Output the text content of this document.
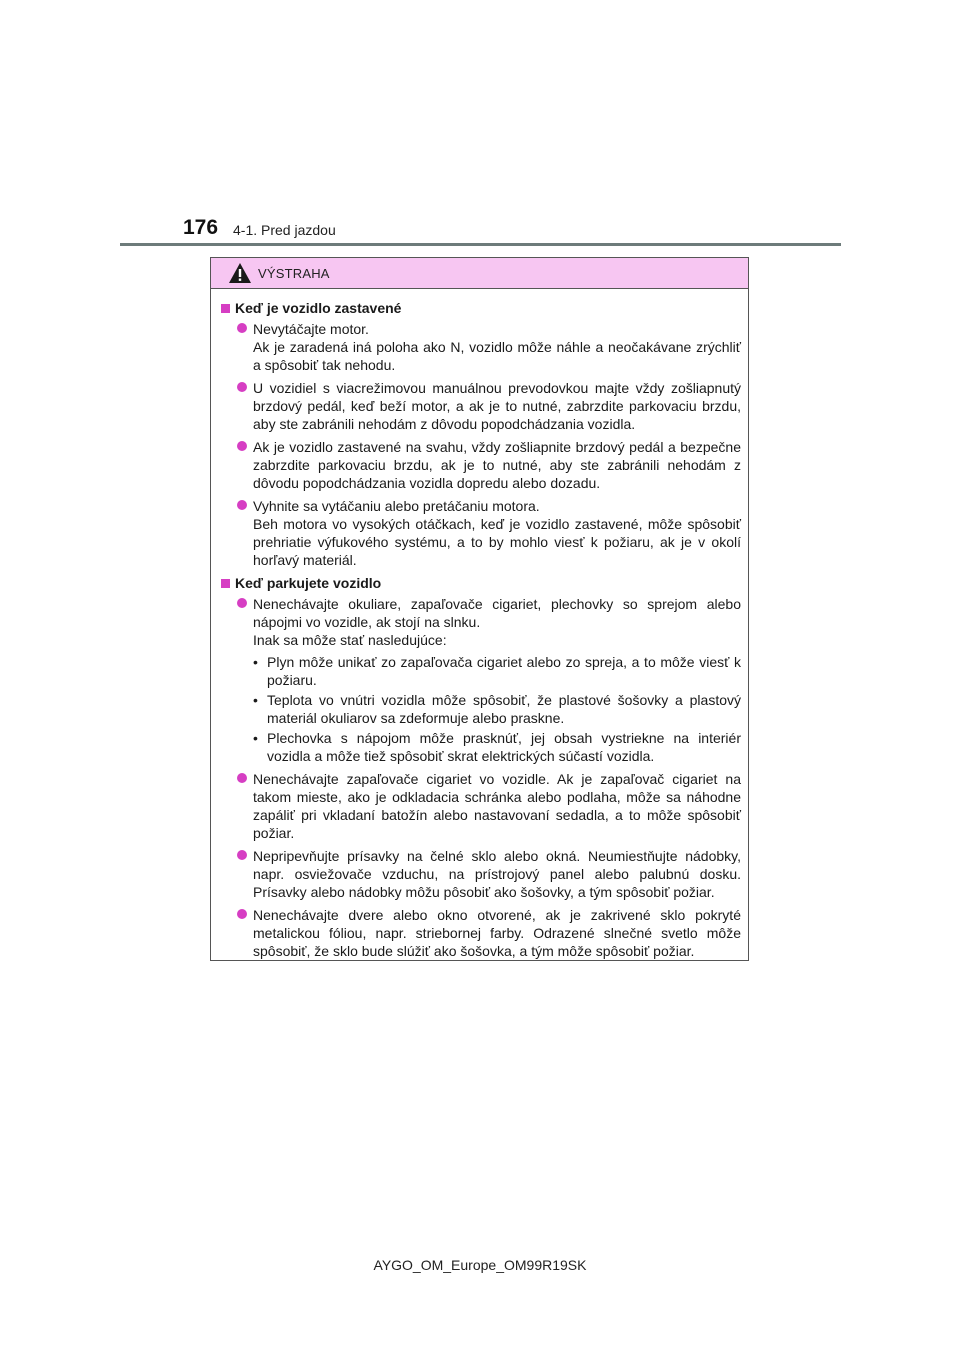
176 4-1. Pred jazdou
VÝSTRAHA
Keď je vozidlo zastavené

Nevytáčajte motor.

Ak je zaradená iná poloha ako N, vozidlo môže náhle a neočakávane zrýchliť a spôsobiť tak nehodu.

U vozidiel s viacrežimovou manuálnou prevodovkou majte vždy zošliapnutý brzdový pedál, keď beží motor, a ak je to nutné, zabrzdite parkovaciu brzdu, aby ste zabránili nehodám z dôvodu popodchádzania vozidla.

Ak je vozidlo zastavené na svahu, vždy zošliapnite brzdový pedál a bezpečne zabrzdite parkovaciu brzdu, ak je to nutné, aby ste zabránili nehodám z dôvodu popodchádzania vozidla dopredu alebo dozadu.

Vyhnite sa vytáčaniu alebo pretáčaniu motora.

Beh motora vo vysokých otáčkach, keď je vozidlo zastavené, môže spôsobiť prehriatie výfukového systému, a to by mohlo viesť k požiaru, ak je v okolí horľavý materiál.

Keď parkujete vozidlo

Nenechávajte okuliare, zapaľovače cigariet, plechovky so sprejom alebo nápojmi vo vozidle, ak stojí na slnku.

Inak sa môže stať nasledujúce:

• Plyn môže unikať zo zapaľovača cigariet alebo zo spreja, a to môže viesť k požiaru.
• Teplota vo vnútri vozidla môže spôsobiť, že plastové šošovky a plastový materiál okuliarov sa zdeformuje alebo praskne.
• Plechovka s nápojom môže prasknúť, jej obsah vystriekne na interiér vozidla a môže tiež spôsobiť skrat elektrických súčastí vozidla.

Nenechávajte zapaľovače cigariet vo vozidle. Ak je zapaľovač cigariet na takom mieste, ako je odkladacia schránka alebo podlaha, môže sa náhodne zapáliť pri vkladaní batožín alebo nastavovaní sedadla, a to môže spôsobiť požiar.

Nepripevňujte prísavky na čelné sklo alebo okná. Neumiestňujte nádobky, napr. osviežovače vzduchu, na prístrojový panel alebo palubnú dosku. Prísavky alebo nádobky môžu pôsobiť ako šošovky, a tým spôsobiť požiar.

Nenechávajte dvere alebo okno otvorené, ak je zakrivené sklo pokryté metalickou fóliou, napr. striebornej farby. Odrazené slnečné svetlo môže spôsobiť, že sklo bude slúžiť ako šošovka, a tým môže spôsobiť požiar.

AYGO_OM_Europe_OM99R19SK
